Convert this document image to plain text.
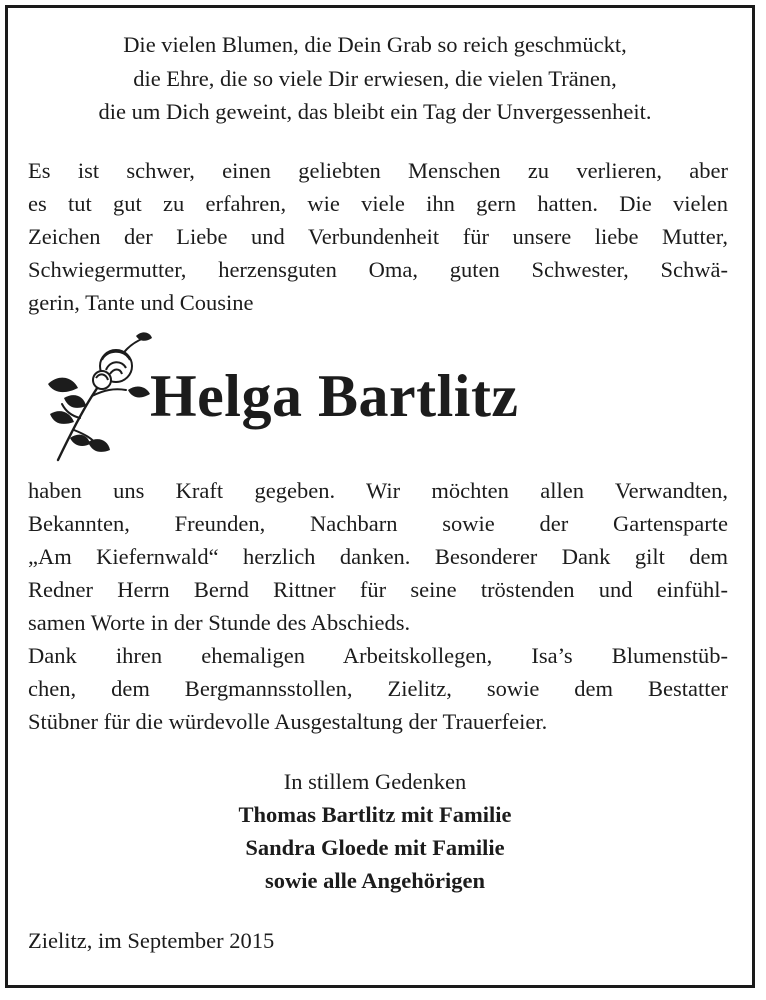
Die vielen Blumen, die Dein Grab so reich geschmückt,
die Ehre, die so viele Dir erwiesen, die vielen Tränen,
die um Dich geweint, das bleibt ein Tag der Unvergessenheit.
Es ist schwer, einen geliebten Menschen zu verlieren, aber
es tut gut zu erfahren, wie viele ihn gern hatten. Die vielen
Zeichen der Liebe und Verbundenheit für unsere liebe Mutter,
Schwiegermutter, herzensguten Oma, guten Schwester, Schwä-
gerin, Tante und Cousine
Helga Bartlitz
haben uns Kraft gegeben. Wir möchten allen Verwandten,
Bekannten, Freunden, Nachbarn sowie der Gartensparte
„Am Kiefernwald“ herzlich danken. Besonderer Dank gilt dem
Redner Herrn Bernd Rittner für seine tröstenden und einfühl-
samen Worte in der Stunde des Abschieds.
Dank ihren ehemaligen Arbeitskollegen, Isa’s Blumenstüb-
chen, dem Bergmannsstollen, Zielitz, sowie dem Bestatter
Stübner für die würdevolle Ausgestaltung der Trauerfeier.
In stillem Gedenken
Thomas Bartlitz mit Familie
Sandra Gloede mit Familie
sowie alle Angehörigen
Zielitz, im September 2015
